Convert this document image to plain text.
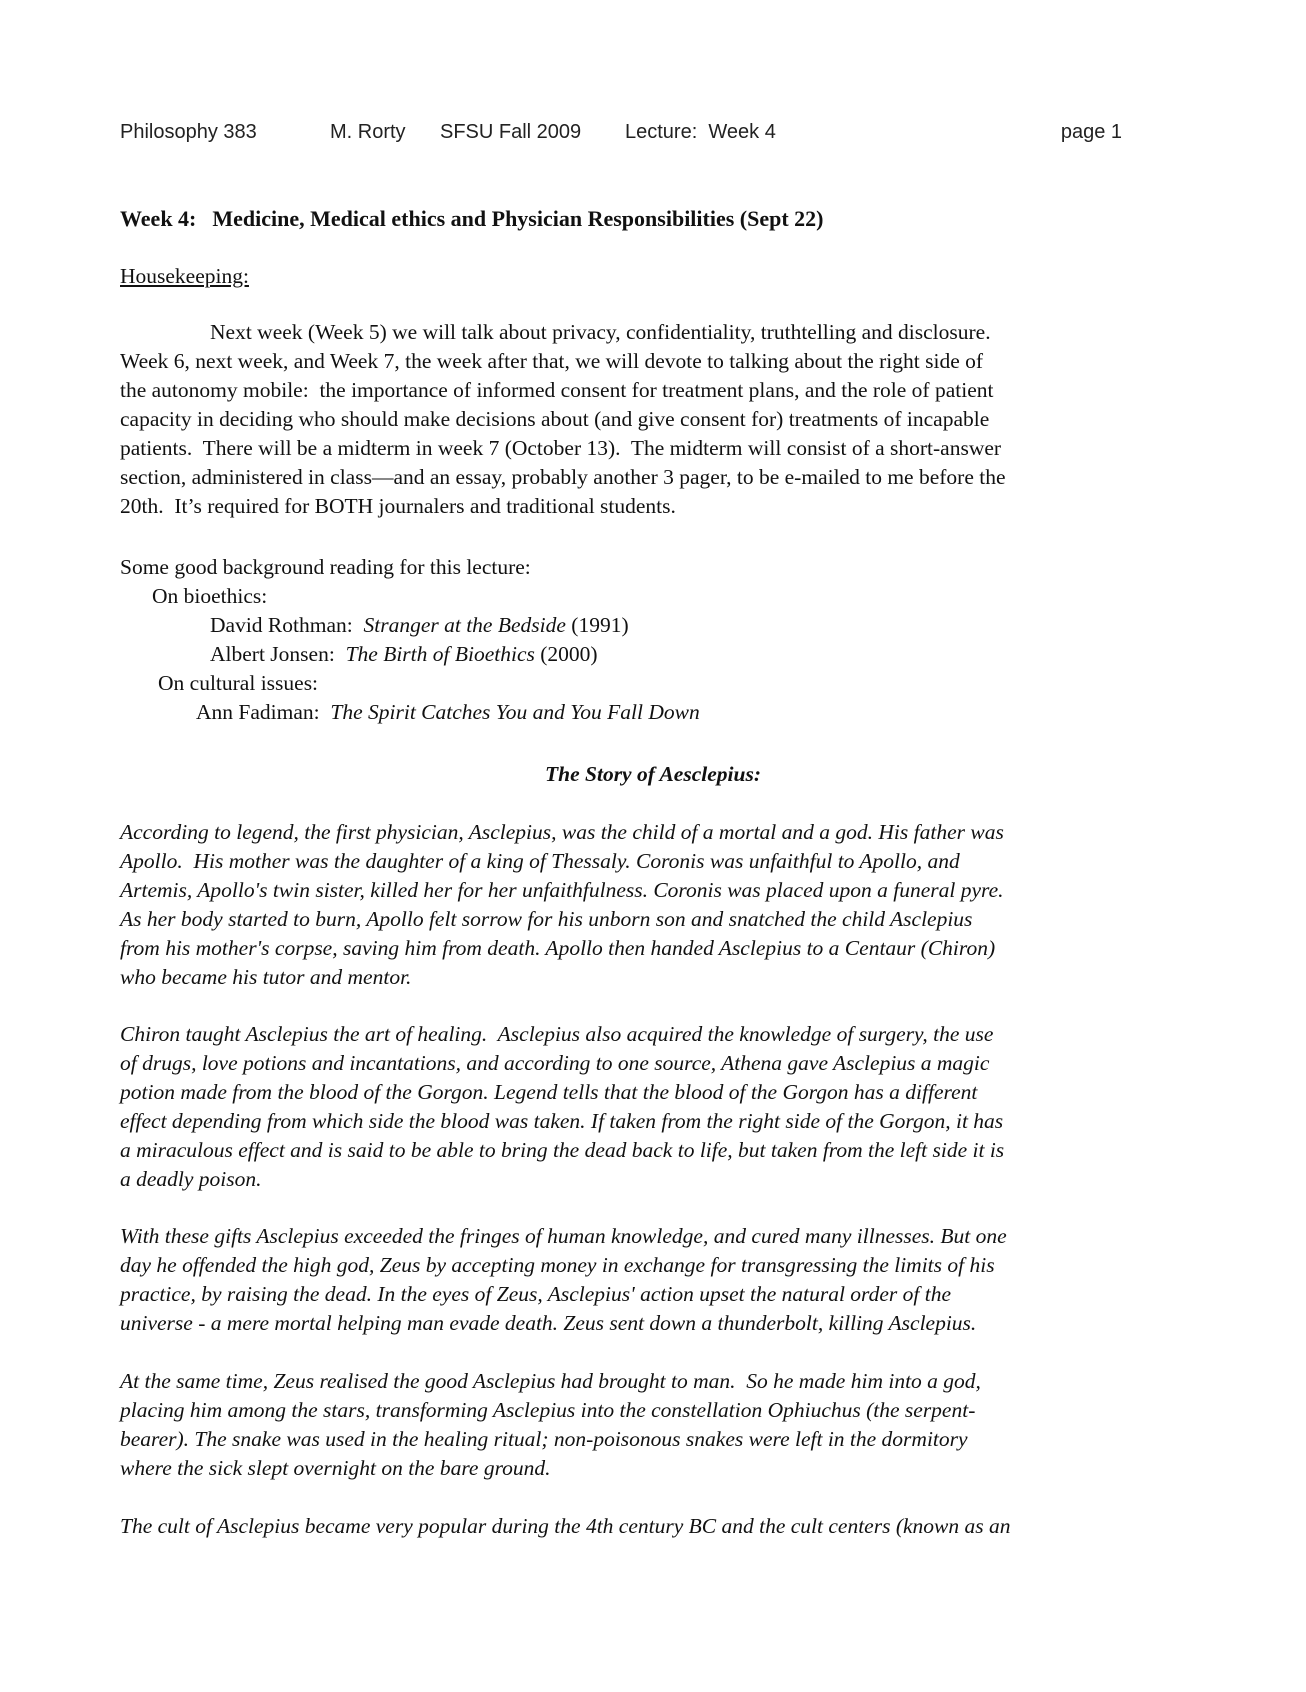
Philosophy 383	M. Rorty SFSU Fall 2009 Lecture:  Week 4	page 1
Week 4: Medicine, Medical ethics and Physician Responsibilities (Sept 22)
Housekeeping:
Next week (Week 5) we will talk about privacy, confidentiality, truthtelling and disclosure.
Week 6, next week, and Week 7, the week after that, we will devote to talking about the right side of
the autonomy mobile:  the importance of informed consent for treatment plans, and the role of patient
capacity in deciding who should make decisions about (and give consent for) treatments of incapable
patients.  There will be a midterm in week 7 (October 13).  The midterm will consist of a short-answer
section, administered in class—and an essay, probably another 3 pager, to be e-mailed to me before the
20th.  It’s required for BOTH journalers and traditional students.
Some good background reading for this lecture:
On bioethics:
David Rothman:  Stranger at the Bedside (1991)
Albert Jonsen:  The Birth of Bioethics (2000)
On cultural issues:
Ann Fadiman:  The Spirit Catches You and You Fall Down
The Story of Aesclepius:
According to legend, the first physician, Asclepius, was the child of a mortal and a god. His father was
Apollo.  His mother was the daughter of a king of Thessaly. Coronis was unfaithful to Apollo, and
Artemis, Apollo's twin sister, killed her for her unfaithfulness. Coronis was placed upon a funeral pyre.
As her body started to burn, Apollo felt sorrow for his unborn son and snatched the child Asclepius
from his mother's corpse, saving him from death. Apollo then handed Asclepius to a Centaur (Chiron)
who became his tutor and mentor.
Chiron taught Asclepius the art of healing.  Asclepius also acquired the knowledge of surgery, the use
of drugs, love potions and incantations, and according to one source, Athena gave Asclepius a magic
potion made from the blood of the Gorgon. Legend tells that the blood of the Gorgon has a different
effect depending from which side the blood was taken. If taken from the right side of the Gorgon, it has
a miraculous effect and is said to be able to bring the dead back to life, but taken from the left side it is
a deadly poison.
With these gifts Asclepius exceeded the fringes of human knowledge, and cured many illnesses. But one
day he offended the high god, Zeus by accepting money in exchange for transgressing the limits of his
practice, by raising the dead. In the eyes of Zeus, Asclepius' action upset the natural order of the
universe - a mere mortal helping man evade death. Zeus sent down a thunderbolt, killing Asclepius.
At the same time, Zeus realised the good Asclepius had brought to man.  So he made him into a god,
placing him among the stars, transforming Asclepius into the constellation Ophiuchus (the serpent-
bearer). The snake was used in the healing ritual; non-poisonous snakes were left in the dormitory
where the sick slept overnight on the bare ground.
The cult of Asclepius became very popular during the 4th century BC and the cult centers (known as an
